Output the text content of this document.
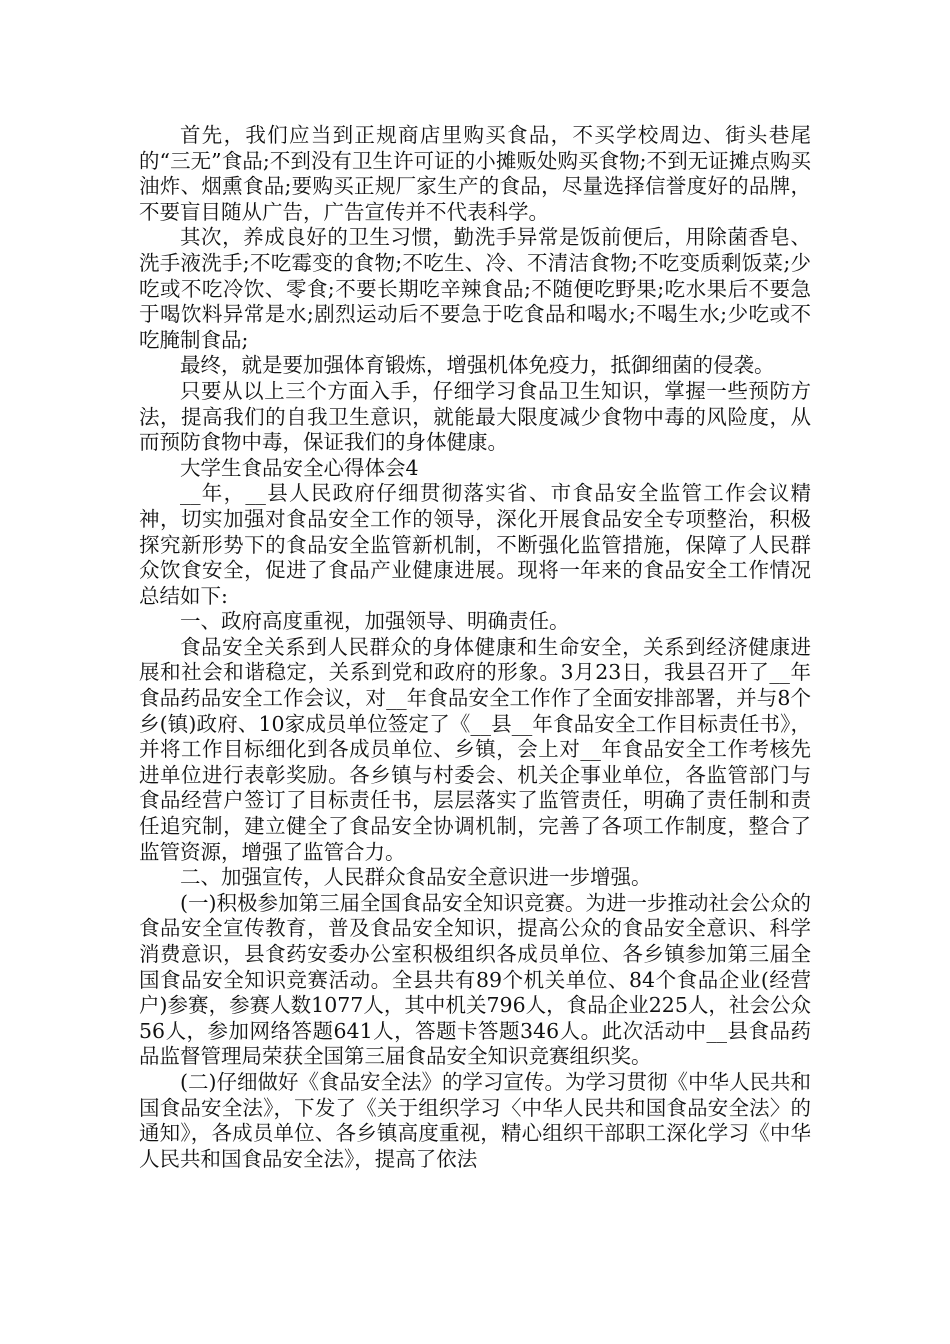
首先，我们应当到正规商店里购买食品，不买学校周边、街头巷尾的“三无”食品;不到没有卫生许可证的小摊贩处购买食物;不到无证摊点购买油炸、烟熏食品;要购买正规厂家生产的食品，尽量选择信誉度好的品牌，不要盲目随从广告，广告宣传并不代表科学。

其次，养成良好的卫生习惯，勤洗手异常是饭前便后，用除菌香皂、洗手液洗手;不吃霉变的食物;不吃生、冷、不清洁食物;不吃变质剩饭菜;少吃或不吃冷饮、零食;不要长期吃辛辣食品;不随便吃野果;吃水果后不要急于喝饮料异常是水;剧烈运动后不要急于吃食品和喝水;不喝生水;少吃或不吃腌制食品;

最终，就是要加强体育锻炼，增强机体免疫力，抵御细菌的侵袭。

只要从以上三个方面入手，仔细学习食品卫生知识，掌握一些预防方法，提高我们的自我卫生意识，就能最大限度减少食物中毒的风险度，从而预防食物中毒，保证我们的身体健康。

大学生食品安全心得体会4

__年，__县人民政府仔细贯彻落实省、市食品安全监管工作会议精神，切实加强对食品安全工作的领导，深化开展食品安全专项整治，积极探究新形势下的食品安全监管新机制，不断强化监管措施，保障了人民群众饮食安全，促进了食品产业健康进展。现将一年来的食品安全工作情况总结如下:

一、政府高度重视，加强领导、明确责任。

食品安全关系到人民群众的身体健康和生命安全，关系到经济健康进展和社会和谐稳定，关系到党和政府的形象。3月23日，我县召开了__年食品药品安全工作会议，对__年食品安全工作作了全面安排部署，并与8个乡(镇)政府、10家成员单位签定了《__县__年食品安全工作目标责任书》，并将工作目标细化到各成员单位、乡镇，会上对__年食品安全工作考核先进单位进行表彰奖励。各乡镇与村委会、机关企事业单位，各监管部门与食品经营户签订了目标责任书，层层落实了监管责任，明确了责任制和责任追究制，建立健全了食品安全协调机制，完善了各项工作制度，整合了监管资源，增强了监管合力。

二、加强宣传，人民群众食品安全意识进一步增强。

(一)积极参加第三届全国食品安全知识竞赛。为进一步推动社会公众的食品安全宣传教育，普及食品安全知识，提高公众的食品安全意识、科学消费意识，县食药安委办公室积极组织各成员单位、各乡镇参加第三届全国食品安全知识竞赛活动。全县共有89个机关单位、84个食品企业(经营户)参赛，参赛人数1077人，其中机关796人，食品企业225人，社会公众56人，参加网络答题641人，答题卡答题346人。此次活动中__县食品药品监督管理局荣获全国第三届食品安全知识竞赛组织奖。

(二)仔细做好《食品安全法》的学习宣传。为学习贯彻《中华人民共和国食品安全法》，下发了《关于组织学习〈中华人民共和国食品安全法〉的通知》，各成员单位、各乡镇高度重视，精心组织干部职工深化学习《中华人民共和国食品安全法》，提高了依法
